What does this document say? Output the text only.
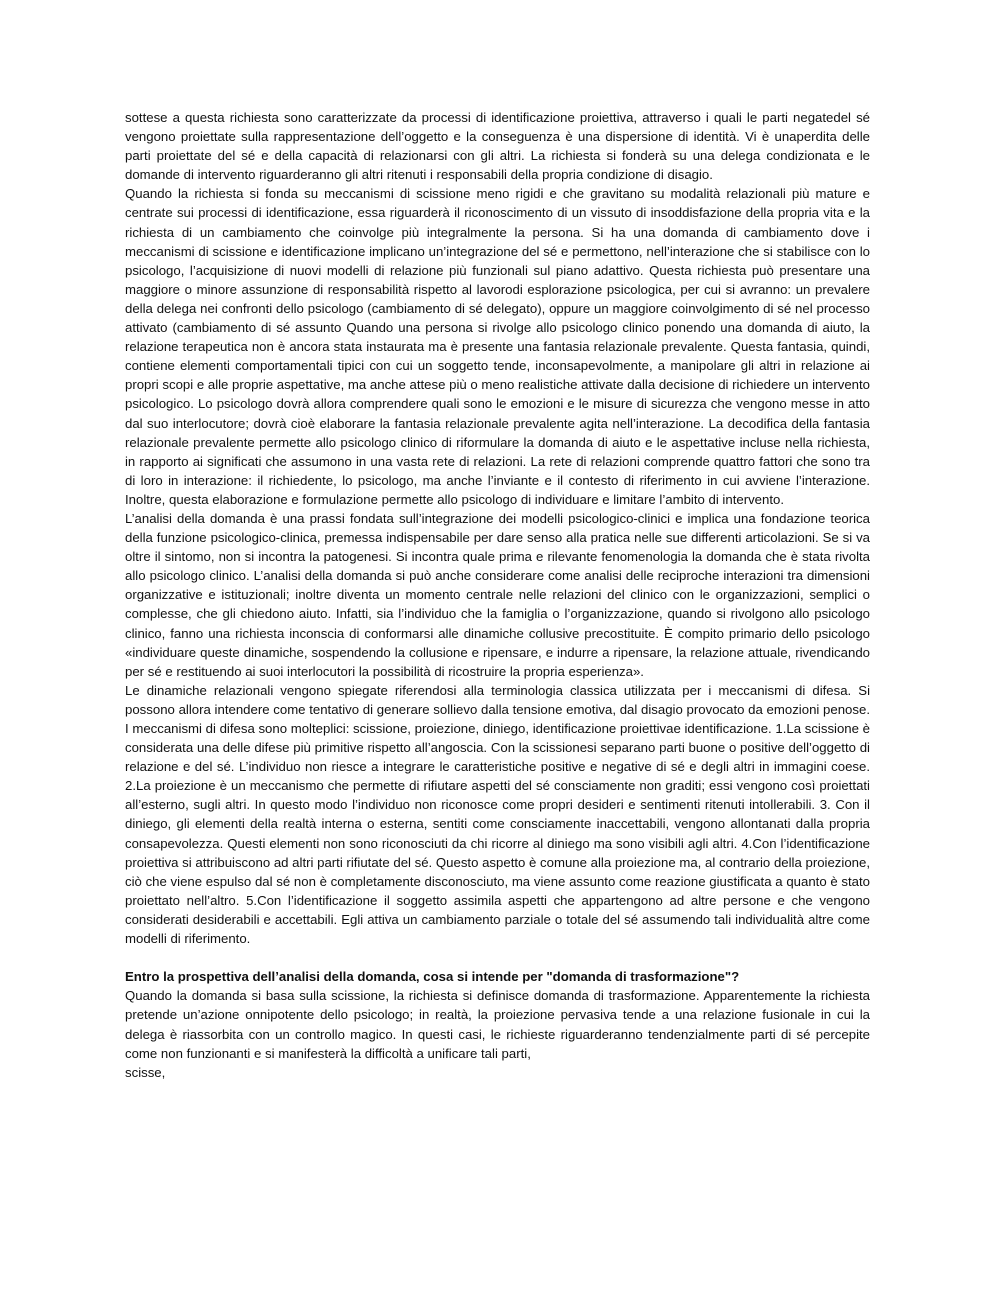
sottese a questa richiesta sono caratterizzate da processi di identificazione proiettiva, attraverso i quali le parti negatedel sé vengono proiettate sulla rappresentazione dell’oggetto e la conseguenza è una dispersione di identità. Vi è unaperdita delle parti proiettate del sé e della capacità di relazionarsi con gli altri. La richiesta si fonderà su una delega condizionata e le domande di intervento riguarderanno gli altri ritenuti i responsabili della propria condizione di disagio.

Quando la richiesta si fonda su meccanismi di scissione meno rigidi e che gravitano su modalità relazionali più mature e centrate sui processi di identificazione, essa riguarderà il riconoscimento di un vissuto di insoddisfazione della propria vita e la richiesta di un cambiamento che coinvolge più integralmente la persona. Si ha una domanda di cambiamento dove i meccanismi di scissione e identificazione implicano un’integrazione del sé e permettono, nell’interazione che si stabilisce con lo psicologo, l’acquisizione di nuovi modelli di relazione più funzionali sul piano adattivo. Questa richiesta può presentare una maggiore o minore assunzione di responsabilità rispetto al lavorodi esplorazione psicologica, per cui si avranno: un prevalere della delega nei confronti dello psicologo (cambiamento di sé delegato), oppure un maggiore coinvolgimento di sé nel processo attivato (cambiamento di sé assunto Quando una persona si rivolge allo psicologo clinico ponendo una domanda di aiuto, la relazione terapeutica non è ancora stata instaurata ma è presente una fantasia relazionale prevalente. Questa fantasia, quindi, contiene elementi comportamentali tipici con cui un soggetto tende, inconsapevolmente, a manipolare gli altri in relazione ai propri scopi e alle proprie aspettative, ma anche attese più o meno realistiche attivate dalla decisione di richiedere un intervento psicologico. Lo psicologo dovrà allora comprendere quali sono le emozioni e le misure di sicurezza che vengono messe in atto dal suo interlocutore; dovrà cioè elaborare la fantasia relazionale prevalente agita nell’interazione. La decodifica della fantasia relazionale prevalente permette allo psicologo clinico di riformulare la domanda di aiuto e le aspettative incluse nella richiesta, in rapporto ai significati che assumono in una vasta rete di relazioni. La rete di relazioni comprende quattro fattori che sono tra di loro in interazione: il richiedente, lo psicologo, ma anche l’inviante e il contesto di riferimento in cui avviene l’interazione. Inoltre, questa elaborazione e formulazione permette allo psicologo di individuare e limitare l’ambito di intervento.

L’analisi della domanda è una prassi fondata sull’integrazione dei modelli psicologico-clinici e implica una fondazione teorica della funzione psicologico-clinica, premessa indispensabile per dare senso alla pratica nelle sue differenti articolazioni. Se si va oltre il sintomo, non si incontra la patogenesi. Si incontra quale prima e rilevante fenomenologia la domanda che è stata rivolta allo psicologo clinico. L’analisi della domanda si può anche considerare come analisi delle reciproche interazioni tra dimensioni organizzative e istituzionali; inoltre diventa un momento centrale nelle relazioni del clinico con le organizzazioni, semplici o complesse, che gli chiedono aiuto. Infatti, sia l’individuo che la famiglia o l’organizzazione, quando si rivolgono allo psicologo clinico, fanno una richiesta inconscia di conformarsi alle dinamiche collusive precostituite. È compito primario dello psicologo «individuare queste dinamiche, sospendendo la collusione e ripensare, e indurre a ripensare, la relazione attuale, rivendicando per sé e restituendo ai suoi interlocutori la possibilità di ricostruire la propria esperienza».

Le dinamiche relazionali vengono spiegate riferendosi alla terminologia classica utilizzata per i meccanismi di difesa. Si possono allora intendere come tentativo di generare sollievo dalla tensione emotiva, dal disagio provocato da emozioni penose. I meccanismi di difesa sono molteplici: scissione, proiezione, diniego, identificazione proiettivae identificazione. 1.La scissione è considerata una delle difese più primitive rispetto all’angoscia. Con la scissionesi separano parti buone o positive dell’oggetto di relazione e del sé. L’individuo non riesce a integrare le caratteristiche positive e negative di sé e degli altri in immagini coese. 2.La proiezione è un meccanismo che permette di rifiutare aspetti del sé consciamente non graditi; essi vengono così proiettati all’esterno, sugli altri. In questo modo l’individuo non riconosce come propri desideri e sentimenti ritenuti intollerabili. 3. Con il diniego, gli elementi della realtà interna o esterna, sentiti come consciamente inaccettabili, vengono allontanati dalla propria consapevolezza. Questi elementi non sono riconosciuti da chi ricorre al diniego ma sono visibili agli altri. 4.Con l’identificazione proiettiva si attribuiscono ad altri parti rifiutate del sé. Questo aspetto è comune alla proiezione ma, al contrario della proiezione, ciò che viene espulso dal sé non è completamente disconosciuto, ma viene assunto come reazione giustificata a quanto è stato proiettato nell’altro. 5.Con l’identificazione il soggetto assimila aspetti che appartengono ad altre persone e che vengono considerati desiderabili e accettabili. Egli attiva un cambiamento parziale o totale del sé assumendo tali individualità altre come modelli di riferimento.

Entro la prospettiva dell’analisi della domanda, cosa si intende per "domanda di trasformazione"?

Quando la domanda si basa sulla scissione, la richiesta si definisce domanda di trasformazione. Apparentemente la richiesta pretende un’azione onnipotente dello psicologo; in realtà, la proiezione pervasiva tende a una relazione fusionale in cui la delega è riassorbita con un controllo magico. In questi casi, le richieste riguarderanno tendenzialmente parti di sé percepite come non funzionanti e si manifesterà la difficoltà a unificare tali parti,

scisse,
